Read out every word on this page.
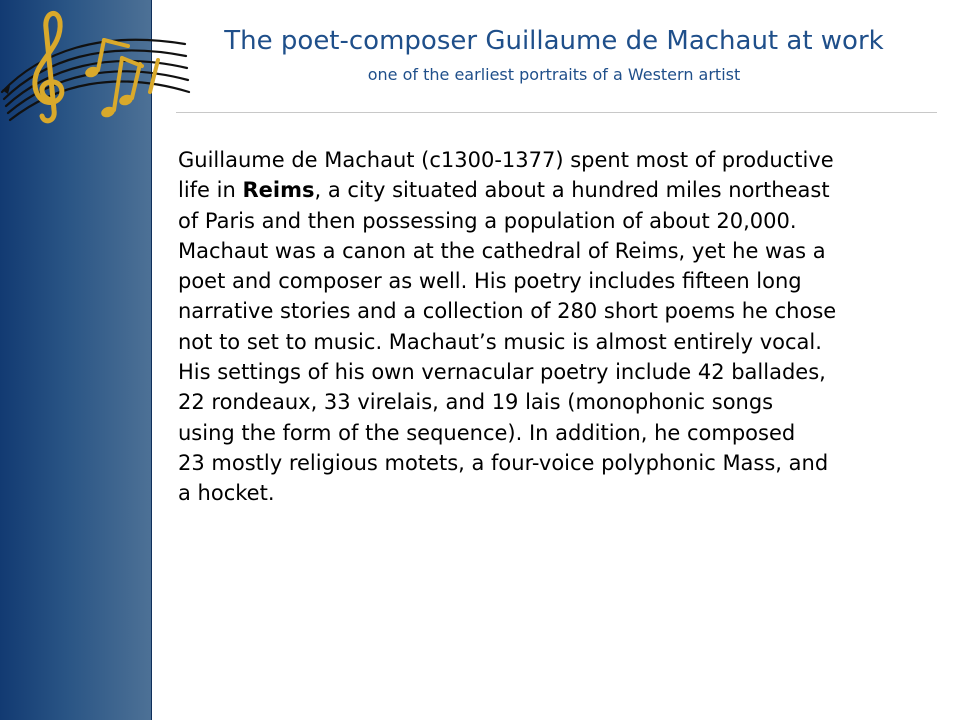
The poet-composer Guillaume de Machaut at work

one of the earliest portraits of a Western artist

Guillaume de Machaut (c1300-1377) spent most of productive
life in Reims, a city situated about a hundred miles northeast
of Paris and then possessing a population of about 20,000.
Machaut was a canon at the cathedral of Reims, yet he was a
poet and composer as well. His poetry includes fifteen long
narrative stories and a collection of 280 short poems he chose
not to set to music. Machaut’s music is almost entirely vocal.
His settings of his own vernacular poetry include 42 ballades,
22 rondeaux, 33 virelais, and 19 lais (monophonic songs
using the form of the sequence). In addition, he composed
23 mostly religious motets, a four-voice polyphonic Mass, and
a hocket.
